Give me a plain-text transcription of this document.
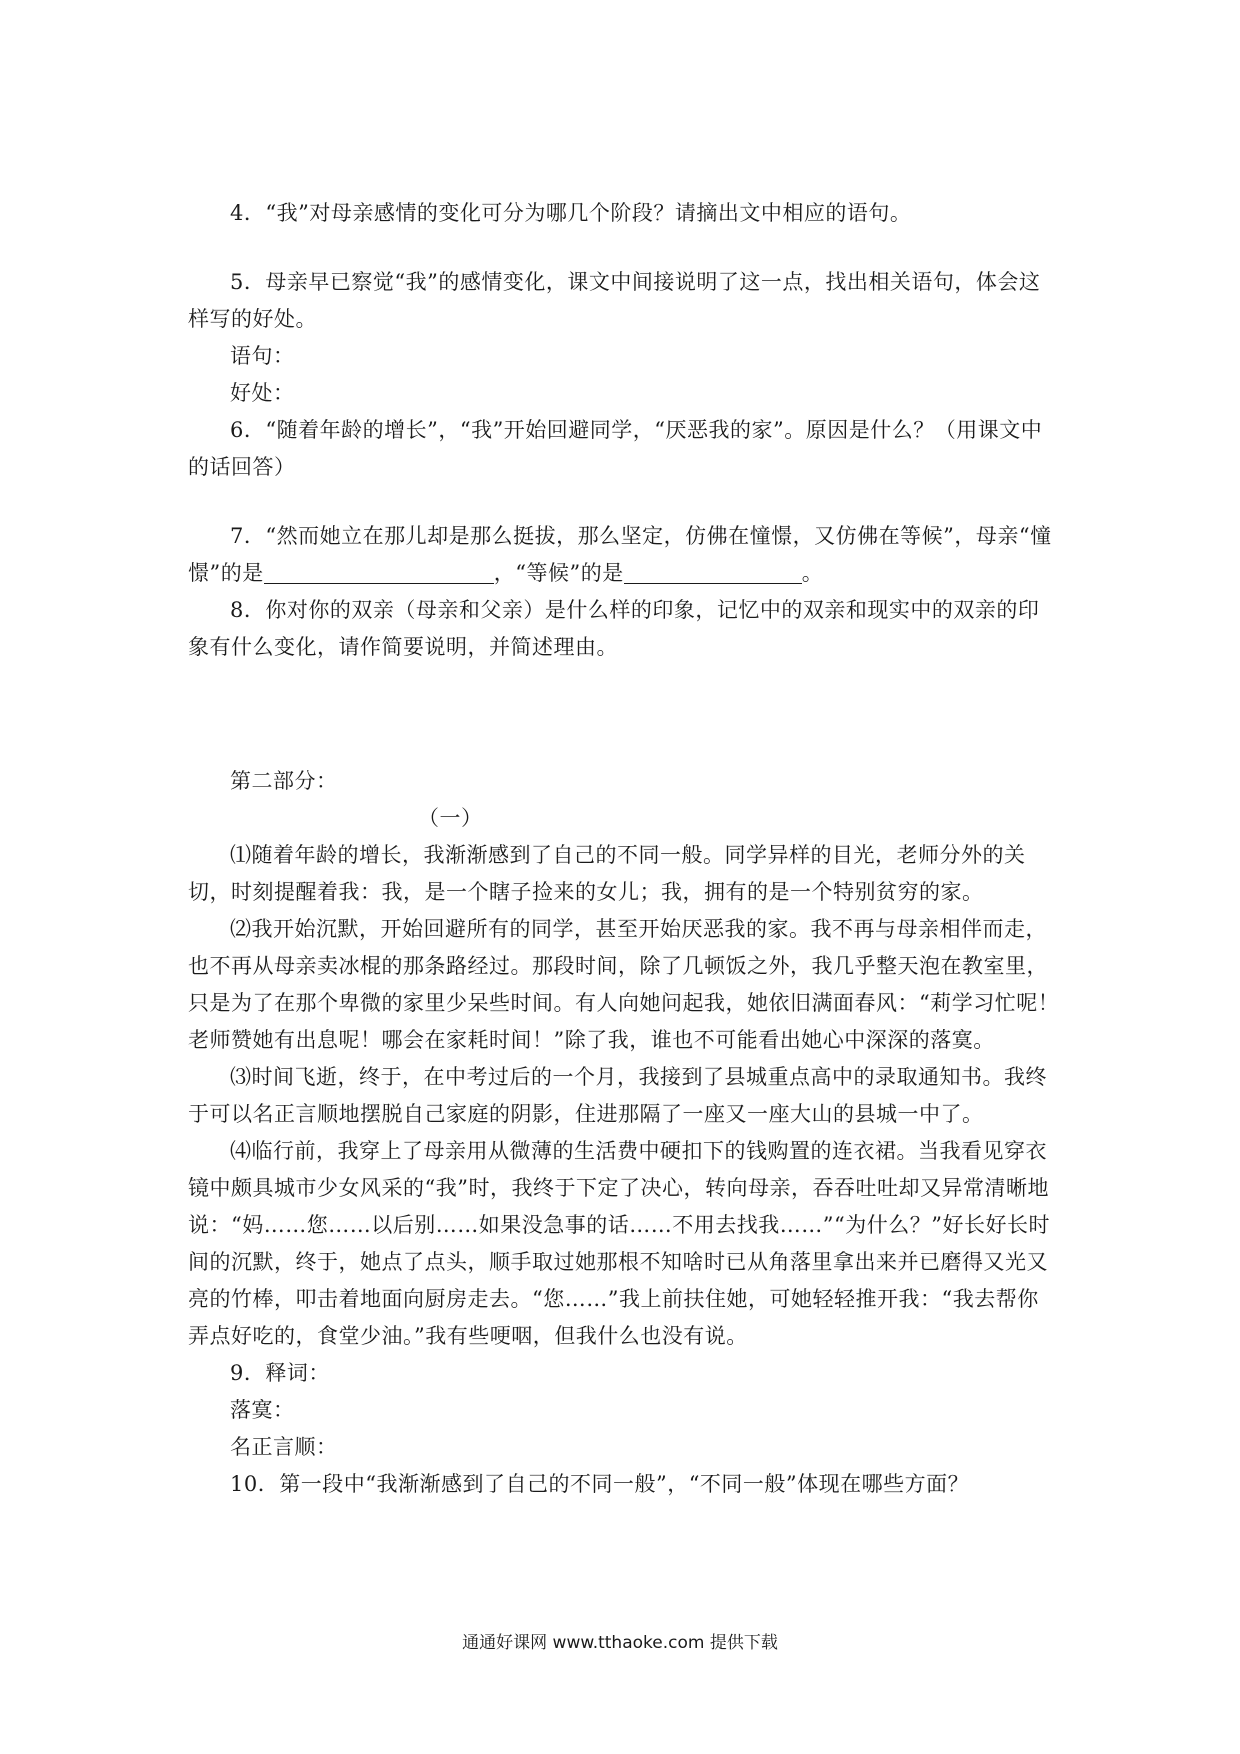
4．“我”对母亲感情的变化可分为哪几个阶段？请摘出文中相应的语句。

5．母亲早已察觉“我”的感情变化，课文中间接说明了这一点，找出相关语句，体会这样写的好处。

语句：

好处：

6．“随着年龄的增长”，“我”开始回避同学，“厌恶我的家”。原因是什么？（用课文中的话回答）

7．“然而她立在那儿却是那么挺拔，那么坚定，仿佛在憧憬，又仿佛在等候”，母亲“憧憬”的是	，“等候”的是	。

8．你对你的双亲（母亲和父亲）是什么样的印象，记忆中的双亲和现实中的双亲的印象有什么变化，请作简要说明，并简述理由。

第二部分：

（一）

⑴随着年龄的增长，我渐渐感到了自己的不同一般。同学异样的目光，老师分外的关切，时刻提醒着我：我，是一个瞎子捡来的女儿；我，拥有的是一个特别贫穷的家。

⑵我开始沉默，开始回避所有的同学，甚至开始厌恶我的家。我不再与母亲相伴而走，也不再从母亲卖冰棍的那条路经过。那段时间，除了几顿饭之外，我几乎整天泡在教室里，只是为了在那个卑微的家里少呆些时间。有人向她问起我，她依旧满面春风：“莉学习忙呢！老师赞她有出息呢！哪会在家耗时间！”除了我，谁也不可能看出她心中深深的落寞。

⑶时间飞逝，终于，在中考过后的一个月，我接到了县城重点高中的录取通知书。我终于可以名正言顺地摆脱自己家庭的阴影，住进那隔了一座又一座大山的县城一中了。

⑷临行前，我穿上了母亲用从微薄的生活费中硬扣下的钱购置的连衣裙。当我看见穿衣镜中颇具城市少女风采的“我”时，我终于下定了决心，转向母亲，吞吞吐吐却又异常清晰地说：“妈……您……以后别……如果没急事的话……不用去找我……”“为什么？”好长好长时间的沉默，终于，她点了点头，顺手取过她那根不知啥时已从角落里拿出来并已磨得又光又亮的竹棒，叩击着地面向厨房走去。“您……”我上前扶住她，可她轻轻推开我：“我去帮你弄点好吃的，食堂少油。”我有些哽咽，但我什么也没有说。

9．释词：

落寞：

名正言顺：

10．第一段中“我渐渐感到了自己的不同一般”，“不同一般”体现在哪些方面？

通通好课网 www.tthaoke.com 提供下载
